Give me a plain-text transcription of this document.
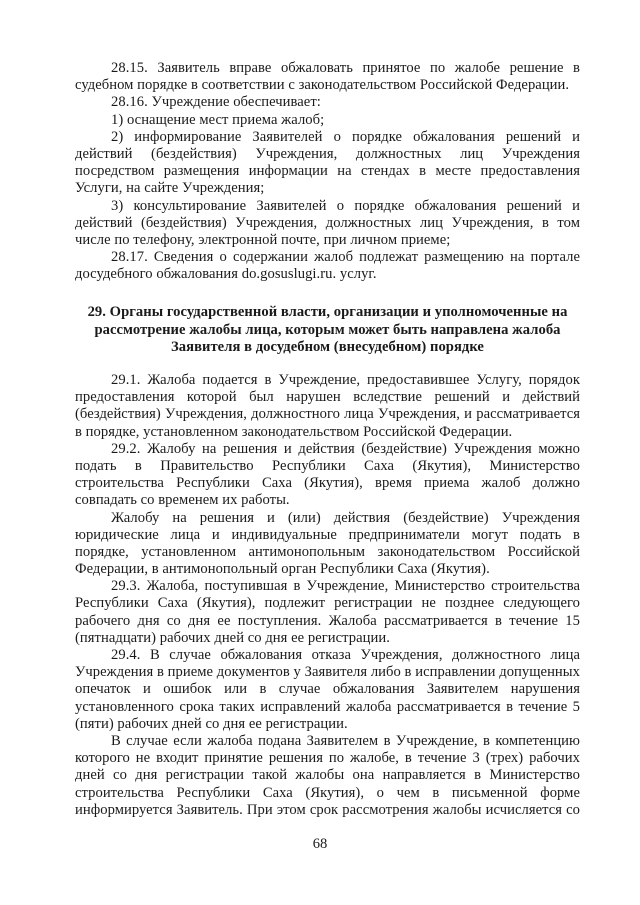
28.15. Заявитель вправе обжаловать принятое по жалобе решение в
судебном порядке в соответствии с законодательством Российской Федерации.
28.16. Учреждение обеспечивает:
1) оснащение мест приема жалоб;
2) информирование Заявителей о порядке обжалования решений и
действий (бездействия) Учреждения, должностных лиц Учреждения
посредством размещения информации на стендах в месте предоставления
Услуги, на сайте Учреждения;
3) консультирование Заявителей о порядке обжалования решений и
действий (бездействия) Учреждения, должностных лиц Учреждения, в том
числе по телефону, электронной почте, при личном приеме;
28.17. Сведения о содержании жалоб подлежат размещению на портале
досудебного обжалования do.gosuslugi.ru. услуг.
29. Органы государственной власти, организации и уполномоченные на
рассмотрение жалобы лица, которым может быть направлена жалоба
Заявителя в досудебном (внесудебном) порядке
29.1. Жалоба подается в Учреждение, предоставившее Услугу, порядок
предоставления которой был нарушен вследствие решений и действий
(бездействия) Учреждения, должностного лица Учреждения, и рассматривается
в порядке, установленном законодательством Российской Федерации.
29.2. Жалобу на решения и действия (бездействие) Учреждения можно
подать в Правительство Республики Саха (Якутия), Министерство
строительства Республики Саха (Якутия), время приема жалоб должно
совпадать со временем их работы.
Жалобу на решения и (или) действия (бездействие) Учреждения
юридические лица и индивидуальные предприниматели могут подать в
порядке, установленном антимонопольным законодательством Российской
Федерации, в антимонопольный орган Республики Саха (Якутия).
29.3. Жалоба, поступившая в Учреждение, Министерство строительства
Республики Саха (Якутия), подлежит регистрации не позднее следующего
рабочего дня со дня ее поступления. Жалоба рассматривается в течение 15
(пятнадцати) рабочих дней со дня ее регистрации.
29.4. В случае обжалования отказа Учреждения, должностного лица
Учреждения в приеме документов у Заявителя либо в исправлении допущенных
опечаток и ошибок или в случае обжалования Заявителем нарушения
установленного срока таких исправлений жалоба рассматривается в течение 5
(пяти) рабочих дней со дня ее регистрации.
В случае если жалоба подана Заявителем в Учреждение, в компетенцию
которого не входит принятие решения по жалобе, в течение 3 (трех) рабочих
дней со дня регистрации такой жалобы она направляется в Министерство
строительства Республики Саха (Якутия), о чем в письменной форме
информируется Заявитель. При этом срок рассмотрения жалобы исчисляется со
68
